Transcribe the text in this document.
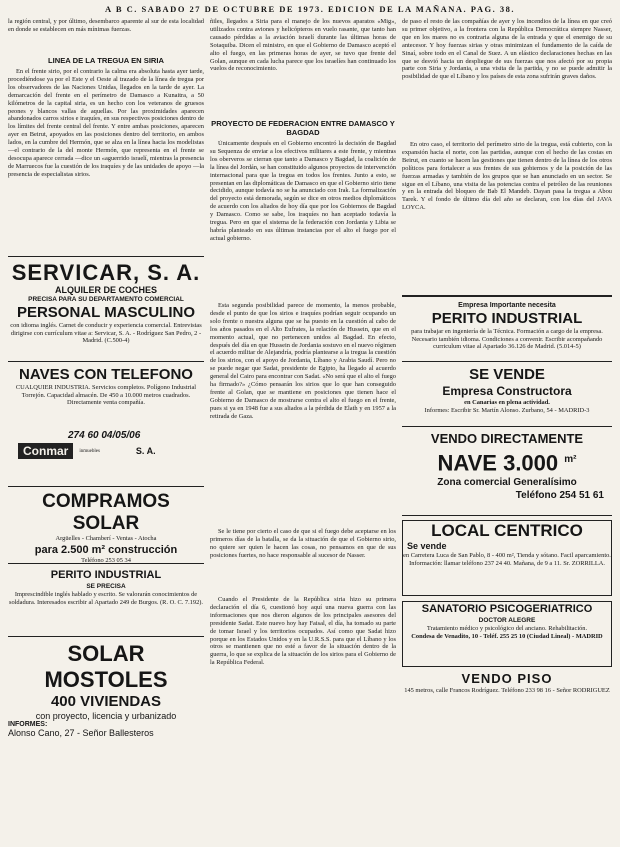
A B C. SABADO 27 DE OCTUBRE DE 1973. EDICION DE LA MAÑANA. PAG. 38.

la región central, y por último, desembarco aparente al sur de esta localidad en donde se establecen en más mínimas fuerzas.

LINEA DE LA TREGUA EN SIRIA

En el frente sirio, por el contrario la calma era absoluta hasta ayer tarde, procediéndose ya por el Este y el Oeste al trazado de la línea de tregua por los observadores de las Naciones Unidas, llegados en la tarde de ayer. La demarcación del frente en el perímetro de Damasco a Kunaitra, a 50 kilómetros de la capital siria, es un hecho con los veteranos de gruesos peones y blancos vallas de aquellas. Por las proximidades aparecen abandonados carros sirios e iraquíes, en sus respectivos posiciones dentro de los límites del frente central del frente. Y entre ambas posiciones, aparecen ayer en Beirut, apoyados en las posiciones dentro del territorio, en ambos lados, en la cumbre del Hermón, que se alza en la línea hacia los modelistas —el contrario de la del monte Hermón, que representa en el frente se desocupa aparece cerrada —dice un «aguerrido israelí, mientras la presencia de Marruecos fue la cuestión de los iraquíes y de las unidades de apoyo —la presencia de especialistas sirios.

SERVICAR, S. A.
ALQUILER DE COCHES
PRECISA PARA SU DEPARTAMENTO COMERCIAL
PERSONAL MASCULINO
con idioma inglés. Carnet de conducir y experiencia comercial. Entrevistas dirigirse con currículum vitae a: Servicar, S. A. - Rodríguez San Pedro, 2 - Madrid. (C.500-4)
NAVES CON TELEFONO
CUALQUIER INDUSTRIA. Servicios completos. Polígono Industrial Torrejón. Capacidad almacén. De 450 a 10.000 metros cuadrados. Directamente venta compañía.
274 60 04/05/06
Conmar	inmuebles	S. A.
COMPRAMOS SOLAR
Argüelles - Chamberí - Ventas - Atocha
para 2.500 m² construcción
Teléfono 253 05 34
PERITO INDUSTRIAL
SE PRECISA
Imprescindible inglés hablado y escrito. Se valorarán conocimientos de soldadura. Interesados escribir al Apartado 249 de Burgos. (R. O. C. 7.192).
SOLAR MOSTOLES
400 VIVIENDAS
con proyecto, licencia y urbanizado
INFORMES:
Alonso Cano, 27 - Señor Ballesteros

ñiles, llegados a Siria para el manejo de los nuevos aparatos «Mig», utilizados contra aviones y helicópteros en vuelo rasante, que tanto han causado pérdidas a la aviación israelí durante las últimas horas de Sotaquiba. Dicen el ministro, en que el Gobierno de Damasco aceptó el alto el fuego, en las primeras horas de ayer, se tuvo que frente del Golan, aunque en cada lucha parece que los israelíes han continuado los vuelos de reconocimiento.

PROYECTO DE FEDERACION ENTRE DAMASCO Y BAGDAD

Únicamente después en el Gobierno encontró la decisión de Bagdad su Sequenza de enviar a los efectivos militares a este frente, y mientras los oberveros se cierran que tanto a Damasco y Bagdad, la coalición de la línea del Jordán, se han constituido algunos proyectos de intervención internacional para que la tregua en todos los frentes. Junto a esto, se presentan en las diplomáticas de Damasco en que el Gobierno sirio tiene decidido, aunque todavía no se ha anunciado con Irak. La formalización del proyecto está demorada, según se dice en otros medios diplomáticos de acuerdo con los aliados de hoy día que por los Gobiernos de Bagdad y Damasco. Como se sabe, los iraquíes no han aceptado todavía la tregua. Pero en que el sistema de la federación con Jordania y Libia se habría planteado en sus últimas instancias por el alto el fuego por el actual gobierno.

Esta segunda posibilidad parece de momento, la menos probable, desde el punto de que los sirios e iraquíes podrían seguir ocupando un solo frente o nuestra alguna que se ha puesto en la cuestión al cabo de los años pasados en el Alto Eufrates, la relación de Hussein, que en el momento actual, que no pertenecen unidos al Bagdad. En efecto, después del día en que Hussein de Jordania sostuvo en el nuevo régimen el acuerdo militar de Alejandría, podría plantearse a la tregua la cuestión de los sirios, con el apoyo de Jordania, Líbano y Arabia Saudí. Pero no se puede negar que Sadat, presidente de Egipto, ha llegado al acuerdo general del Cairo para encontrar con Sadat. «No será que el alto el fuego ha firmado?» ¿Cómo pensarán los sirios que lo que han conseguido frente al Golan, que se mantiene en posiciones que tienen hace el Gobierno de Damasco de mostrarse contra el alto el fuego en el frente, pues si ya en 1948 fue a sus aliados a la pérdida de Elath y en 1957 a la retirada de Gaza.

Se le tiene por cierto el caso de que si el fuego debe aceptarse en los primeros días de la batalla, se da la situación de que el Gobierno sirio, no quiere ser quien le hacen las cosas, no pensamos en que de sus posiciones fuertes, no hace responsable al sucesor de Nasser.

Cuando el Presidente de la República siria hizo su primera declaración el día 6, cuestionó hoy aquí una nueva guerra con las informaciones que nos dieron algunos de los principales asesores del presidente Sadat. Este nuevo hoy hay Faisal, el día, ha tomado su parte de tomar Israel y los territorios ocupados. Así como que Sadat hizo porque en los Estados Unidos y en la U.R.S.S. para que el Líbano y los otros se mantienen que no esté a favor de la situación dentro de la guerra, lo que se explica de la situación de los sirios para el Gobierno de la República Federal.

de paso el resto de las compañías de ayer y los incendios de la línea en que creó su primer objetivo, a la frontera con la República Democrática siempre Nasser, que en los mares no es contraria alguna de la entrada y que el enemigo de su antecesor. Y hoy fuerzas sirias y otras minimizan el fundamento de la caída de Sinaí, sobre todo en el Canal de Suez. A un elástico declaraciones hechas en las que se desvió hacia un despliegue de sus fuerzas que nos afectó por su propia parte con Siria y Jordania, a una visita de la partida, y no se puede admitir la posibilidad de que el Líbano y los países de esta zona sufrirán graves daños.

En otro caso, el territorio del perímetro sirio de la tregua, está cubierto, con la expansión hacia el norte, con las partidas, aunque con el hecho de las costas en Beirut, en cuanto se hacen las gestiones que tienen dentro de la línea de los otros políticos para fortalecer a sus frentes de sus gobiernos y de la posición de las fuerzas armadas y también de los grupos que se han anunciado en un sector. Se sigue en el Líbano, una visita de las potencias contra el petróleo de las reuniones y en la entrada del bloqueo de Bab El Mandeb. Dayan pasa la tregua a Abou Tarek. Y el fondo de último día del año se declaran, con los días del JAVA LOYCA.

Empresa Importante necesita
PERITO INDUSTRIAL
para trabajar en ingeniería de la Técnica. Formación a cargo de la empresa. Necesario también idioma. Condiciones a convenir. Escribir acompañando curriculum vitae al Apartado 36.126 de Madrid. (5.014-5)
SE VENDE
Empresa Constructora
en Canarias en plena actividad.
Informes: Escribir Sr. Martín Alonso. Zurbano, 54 - MADRID-3
VENDO DIRECTAMENTE
NAVE 3.000 $^{m^2}$
Zona comercial Generalísimo
Teléfono 254 51 61
LOCAL CENTRICO
Se vende
en Carretera Luca de San Pablo, 8 - 400 m², Tienda y sótano. Facil aparcamiento.
Información: llamar teléfono 237 24 40. Mañana, de 9 a 11. Sr. ZORRILLA.
SANATORIO PSICOGERIATRICO
DOCTOR ALEGRE
Tratamiento médico y psicológico del anciano. Rehabilitación.
Condesa de Venadito, 10 - Teléf. 255 25 10 (Ciudad Lineal) - MADRID
VENDO PISO
145 metros, calle Francos Rodríguez. Teléfono 233 98 16 - Señor RODRIGUEZ
